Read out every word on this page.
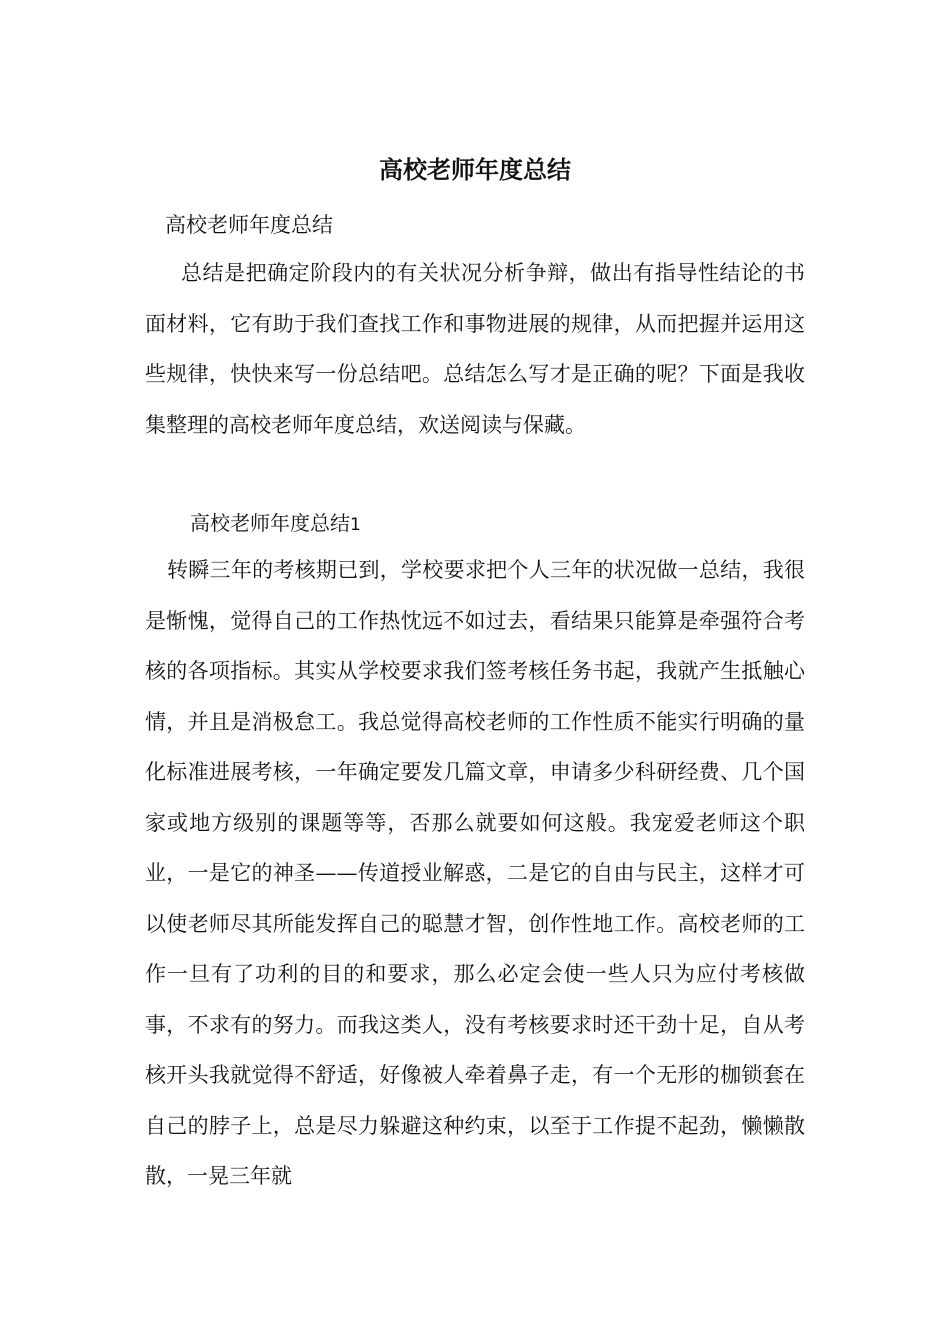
高校老师年度总结

高校老师年度总结

总结是把确定阶段内的有关状况分析争辩，做出有指导性结论的书面材料，它有助于我们查找工作和事物进展的规律，从而把握并运用这些规律，快快来写一份总结吧。总结怎么写才是正确的呢？下面是我收集整理的高校老师年度总结，欢送阅读与保藏。

高校老师年度总结1

转瞬三年的考核期已到，学校要求把个人三年的状况做一总结，我很是惭愧，觉得自己的工作热忱远不如过去，看结果只能算是牵强符合考核的各项指标。其实从学校要求我们签考核任务书起，我就产生抵触心情，并且是消极怠工。我总觉得高校老师的工作性质不能实行明确的量化标准进展考核，一年确定要发几篇文章，申请多少科研经费、几个国家或地方级别的课题等等，否那么就要如何这般。我宠爱老师这个职业，一是它的神圣——传道授业解惑，二是它的自由与民主，这样才可以使老师尽其所能发挥自己的聪慧才智，创作性地工作。高校老师的工作一旦有了功利的目的和要求，那么必定会使一些人只为应付考核做事，不求有的努力。而我这类人，没有考核要求时还干劲十足，自从考核开头我就觉得不舒适，好像被人牵着鼻子走，有一个无形的枷锁套在自己的脖子上，总是尽力躲避这种约束，以至于工作提不起劲，懒懒散散，一晃三年就
